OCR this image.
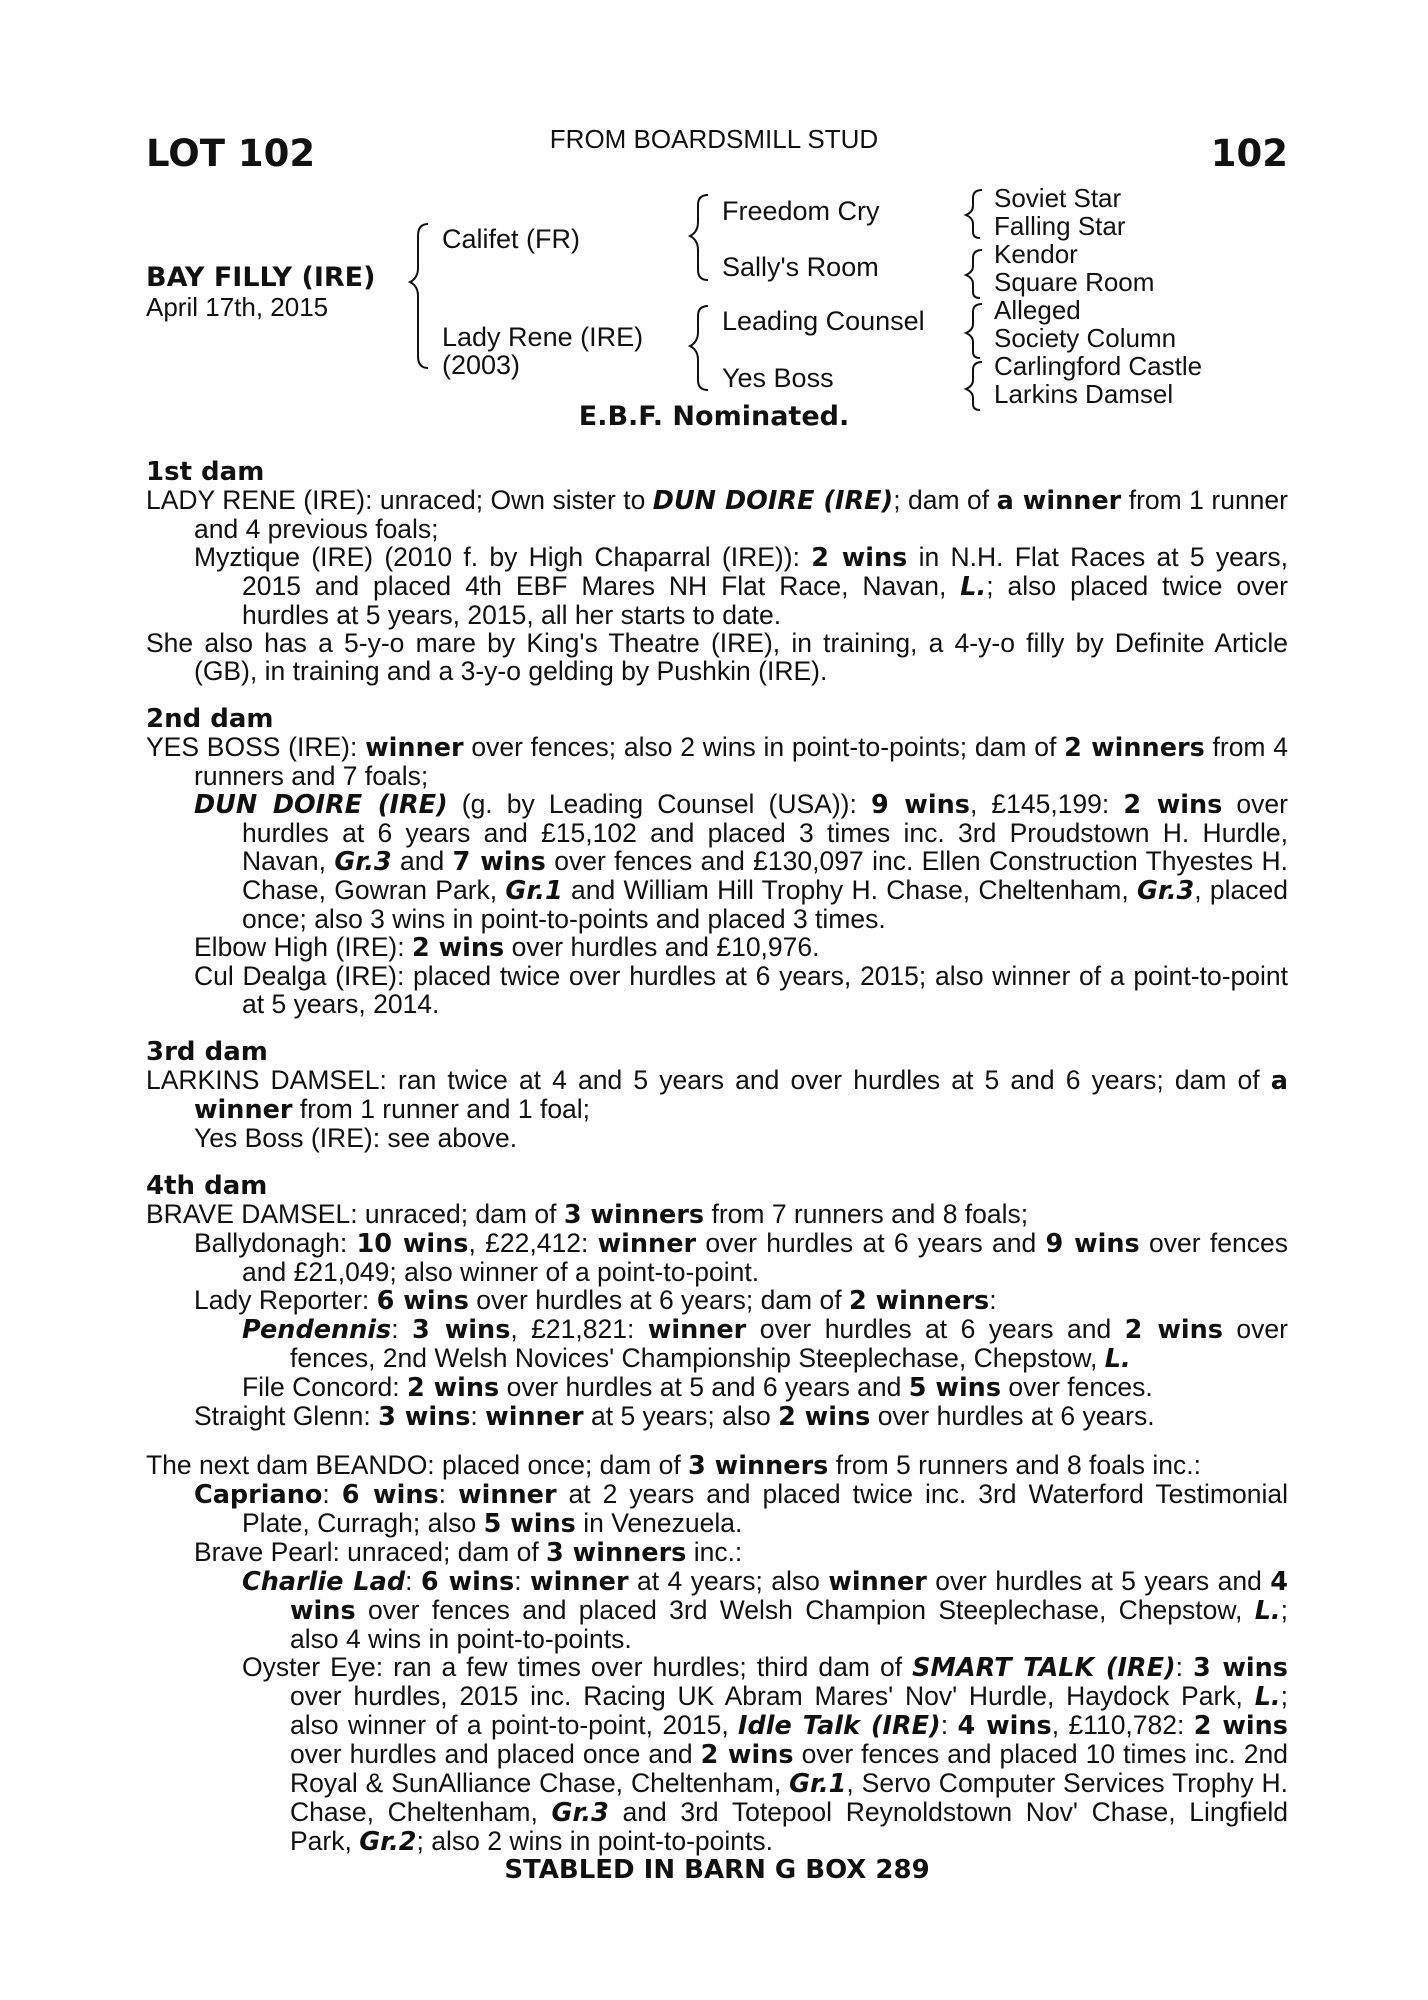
LOT 102	FROM BOARDSMILL STUD	102
BAY FILLY (IRE)
April 17th, 2015
Califet (FR)
Lady Rene (IRE)
(2003)
Freedom Cry
Sally's Room
Leading Counsel
Yes Boss
Soviet Star
Falling Star
Kendor
Square Room
Alleged
Society Column
Carlingford Castle
Larkins Damsel
E.B.F. Nominated.
1st dam
LADY RENE (IRE): unraced; Own sister to DUN DOIRE (IRE); dam of a winner from 1 runner and 4 previous foals;
Myztique (IRE) (2010 f. by High Chaparral (IRE)): 2 wins in N.H. Flat Races at 5 years, 2015 and placed 4th EBF Mares NH Flat Race, Navan, L.; also placed twice over hurdles at 5 years, 2015, all her starts to date.
She also has a 5-y-o mare by King's Theatre (IRE), in training, a 4-y-o filly by Definite Article (GB), in training and a 3-y-o gelding by Pushkin (IRE).
2nd dam
YES BOSS (IRE): winner over fences; also 2 wins in point-to-points; dam of 2 winners from 4 runners and 7 foals;
DUN DOIRE (IRE) (g. by Leading Counsel (USA)): 9 wins, £145,199: 2 wins over hurdles at 6 years and £15,102 and placed 3 times inc. 3rd Proudstown H. Hurdle, Navan, Gr.3 and 7 wins over fences and £130,097 inc. Ellen Construction Thyestes H. Chase, Gowran Park, Gr.1 and William Hill Trophy H. Chase, Cheltenham, Gr.3, placed once; also 3 wins in point-to-points and placed 3 times.
Elbow High (IRE): 2 wins over hurdles and £10,976.
Cul Dealga (IRE): placed twice over hurdles at 6 years, 2015; also winner of a point-to-point at 5 years, 2014.
3rd dam
LARKINS DAMSEL: ran twice at 4 and 5 years and over hurdles at 5 and 6 years; dam of a winner from 1 runner and 1 foal;
Yes Boss (IRE): see above.
4th dam
BRAVE DAMSEL: unraced; dam of 3 winners from 7 runners and 8 foals;
Ballydonagh: 10 wins, £22,412: winner over hurdles at 6 years and 9 wins over fences and £21,049; also winner of a point-to-point.
Lady Reporter: 6 wins over hurdles at 6 years; dam of 2 winners:
Pendennis: 3 wins, £21,821: winner over hurdles at 6 years and 2 wins over fences, 2nd Welsh Novices' Championship Steeplechase, Chepstow, L.
File Concord: 2 wins over hurdles at 5 and 6 years and 5 wins over fences.
Straight Glenn: 3 wins: winner at 5 years; also 2 wins over hurdles at 6 years.
The next dam BEANDO: placed once; dam of 3 winners from 5 runners and 8 foals inc.:
Capriano: 6 wins: winner at 2 years and placed twice inc. 3rd Waterford Testimonial Plate, Curragh; also 5 wins in Venezuela.
Brave Pearl: unraced; dam of 3 winners inc.:
Charlie Lad: 6 wins: winner at 4 years; also winner over hurdles at 5 years and 4 wins over fences and placed 3rd Welsh Champion Steeplechase, Chepstow, L.; also 4 wins in point-to-points.
Oyster Eye: ran a few times over hurdles; third dam of SMART TALK (IRE): 3 wins over hurdles, 2015 inc. Racing UK Abram Mares' Nov' Hurdle, Haydock Park, L.; also winner of a point-to-point, 2015, Idle Talk (IRE): 4 wins, £110,782: 2 wins over hurdles and placed once and 2 wins over fences and placed 10 times inc. 2nd Royal & SunAlliance Chase, Cheltenham, Gr.1, Servo Computer Services Trophy H. Chase, Cheltenham, Gr.3 and 3rd Totepool Reynoldstown Nov' Chase, Lingfield Park, Gr.2; also 2 wins in point-to-points.
STABLED IN BARN G BOX 289
